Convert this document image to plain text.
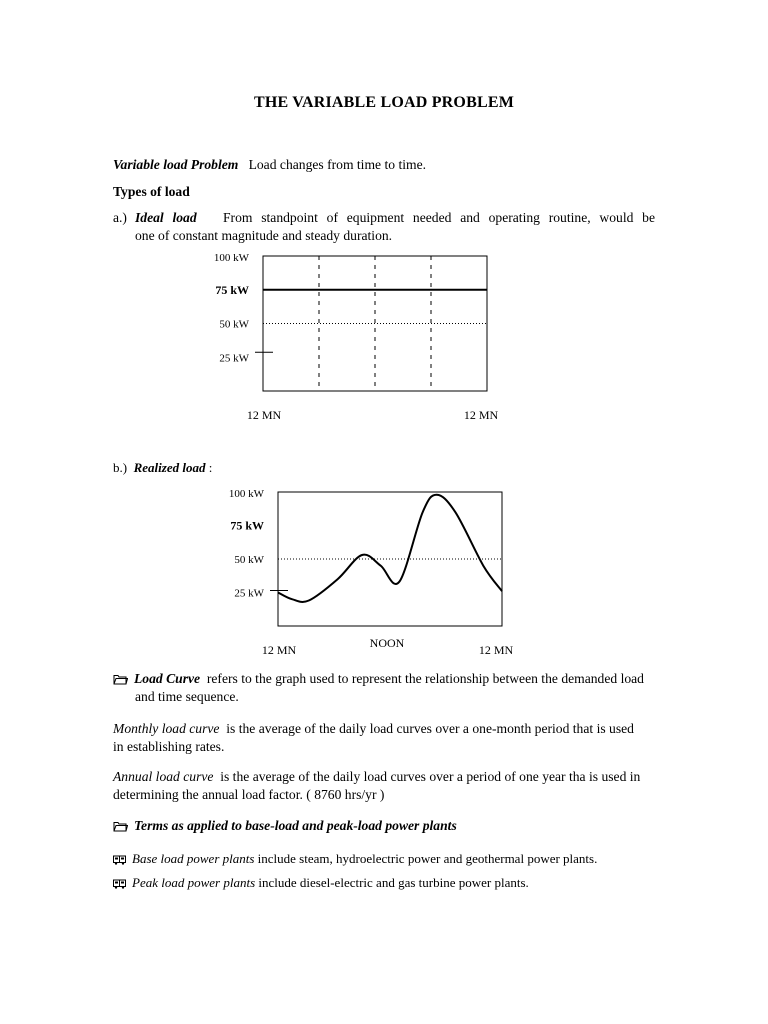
THE VARIABLE LOAD PROBLEM
Variable load Problem Load changes from time to time.
Types of load
a.) Ideal load From standpoint of equipment needed and operating routine, would be
one of constant magnitude and steady duration.
100 kW
75 kW
50 kW
25 kW
12 MN	12 MN
b.) Realized load :
100 kW
75 kW
50 kW
25 kW
12 MN	NOON	12 MN
Load Curve refers to the graph used to represent the relationship between the demanded load
and time sequence.
Monthly load curve is the average of the daily load curves over a one-month period that is used
in establishing rates.
Annual load curve is the average of the daily load curves over a period of one year tha is used in
determining the annual load factor. ( 8760 hrs/yr )
Terms as applied to base-load and peak-load power plants
Base load power plants include steam, hydroelectric power and geothermal power plants.
Peak load power plants include diesel-electric and gas turbine power plants.
